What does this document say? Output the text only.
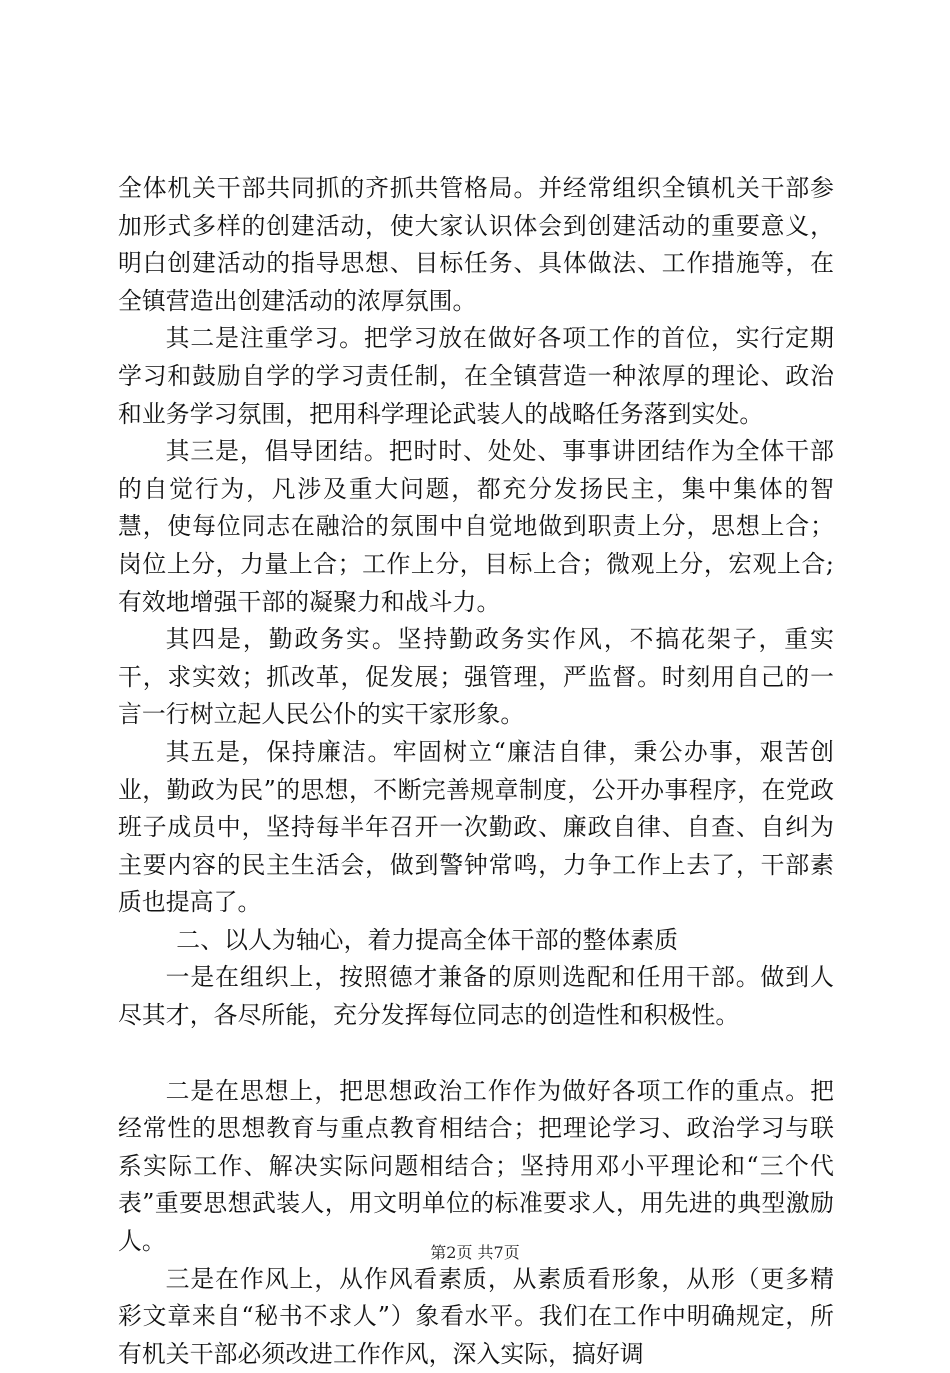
全体机关干部共同抓的齐抓共管格局。并经常组织全镇机关干部参加形式多样的创建活动，使大家认识体会到创建活动的重要意义，明白创建活动的指导思想、目标任务、具体做法、工作措施等，在全镇营造出创建活动的浓厚氛围。

其二是注重学习。把学习放在做好各项工作的首位，实行定期学习和鼓励自学的学习责任制，在全镇营造一种浓厚的理论、政治和业务学习氛围，把用科学理论武装人的战略任务落到实处。

其三是，倡导团结。把时时、处处、事事讲团结作为全体干部的自觉行为，凡涉及重大问题，都充分发扬民主，集中集体的智慧，使每位同志在融洽的氛围中自觉地做到职责上分，思想上合；岗位上分，力量上合；工作上分，目标上合；微观上分，宏观上合;有效地增强干部的凝聚力和战斗力。

其四是，勤政务实。坚持勤政务实作风，不搞花架子，重实干，求实效；抓改革，促发展；强管理，严监督。时刻用自己的一言一行树立起人民公仆的实干家形象。

其五是，保持廉洁。牢固树立“廉洁自律，秉公办事，艰苦创业，勤政为民”的思想，不断完善规章制度，公开办事程序，在党政班子成员中，坚持每半年召开一次勤政、廉政自律、自查、自纠为主要内容的民主生活会，做到警钟常鸣，力争工作上去了，干部素质也提高了。

二、以人为轴心，着力提高全体干部的整体素质

一是在组织上，按照德才兼备的原则选配和任用干部。做到人尽其才，各尽所能，充分发挥每位同志的创造性和积极性。

二是在思想上，把思想政治工作作为做好各项工作的重点。把经常性的思想教育与重点教育相结合；把理论学习、政治学习与联系实际工作、解决实际问题相结合；坚持用邓小平理论和“三个代表”重要思想武装人，用文明单位的标准要求人，用先进的典型激励人。

三是在作风上，从作风看素质，从素质看形象，从形（更多精彩文章来自“秘书不求人”）象看水平。我们在工作中明确规定，所有机关干部必须改进工作作风，深入实际，搞好调

第2页 共7页
